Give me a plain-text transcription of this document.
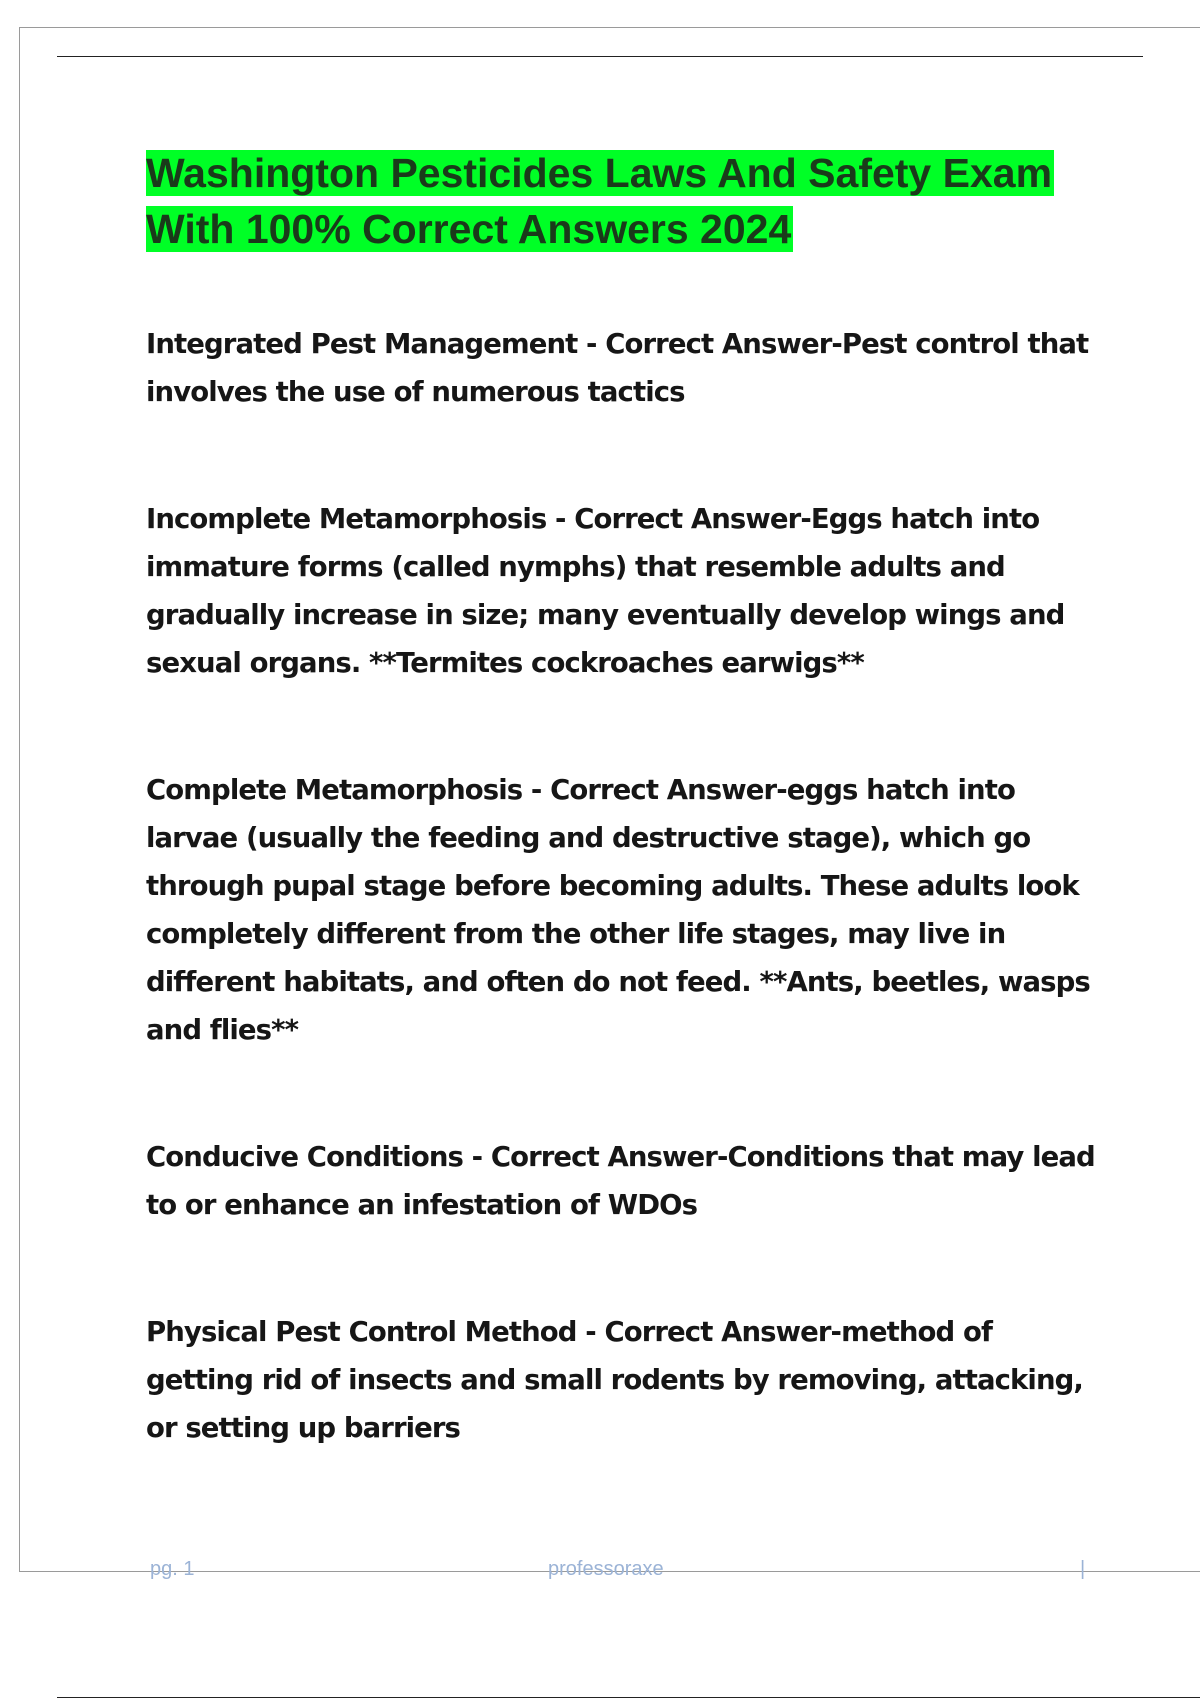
Washington Pesticides Laws And Safety Exam With 100% Correct Answers 2024

Integrated Pest Management - Correct Answer-Pest control that involves the use of numerous tactics

Incomplete Metamorphosis - Correct Answer-Eggs hatch into immature forms (called nymphs) that resemble adults and gradually increase in size; many eventually develop wings and sexual organs. **Termites cockroaches earwigs**

Complete Metamorphosis - Correct Answer-eggs hatch into larvae (usually the feeding and destructive stage), which go through pupal stage before becoming adults. These adults look completely different from the other life stages, may live in different habitats, and often do not feed. **Ants, beetles, wasps and flies**

Conducive Conditions - Correct Answer-Conditions that may lead to or enhance an infestation of WDOs

Physical Pest Control Method - Correct Answer-method of getting rid of insects and small rodents by removing, attacking, or setting up barriers

pg. 1	professoraxe	|
